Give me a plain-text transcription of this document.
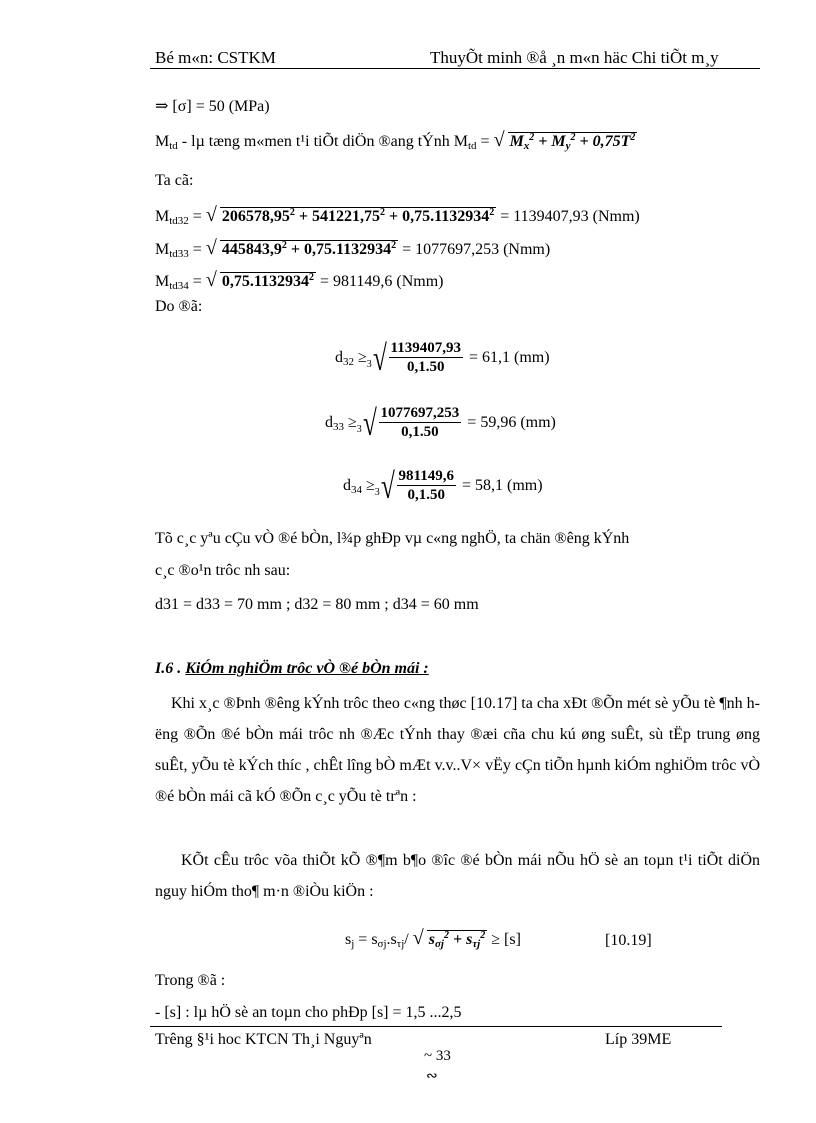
Bé m«n: CSTKM	ThuyÕt minh ®å ¸n m«n häc Chi tiÕt m¸y
⇒ [σ] = 50 (MPa)
$M_{td}$ - lµ tæng m«men t¹i tiÕt diÖn ®ang tÝnh $M_{td}$ = √ $M_x^2 + M_y^2 + 0,75T^2$
Ta cã:
$M_{td32}$ = √ $206578,95^2 + 541221,75^2 + 0,75.1132934^2 = 1139407,93$ (Nmm)
$M_{td33}$ = √ $445843,9^2 + 0,75.1132934^2 = 1077697,253$ (Nmm)
$M_{td34}$ = √ $0,75.1132934^2 = 981149,6$ (Nmm)
Do ®ã:
$d_{32} \ge 3$ √ $\frac{1139407,93}{0,1.50} = 61,1$ (mm)
$d_{33} \ge 3$ √ $\frac{1077697,253}{0,1.50} = 59,96$ (mm)
$d_{34} \ge 3$ √ $\frac{981149,6}{0,1.50} = 58,1$ (mm)
Tõ c¸c yªu cÇu vÒ ®é bÒn, l¾p ghÐp vµ c«ng nghÖ, ta chän ®êng kÝnh
c¸c ®o¹n trôc nh sau:
d31 = d33 = 70 mm ; d32 = 80 mm ; d34 = 60 mm
I.6 . KiÓm nghiÖm trôc vÒ ®é bÒn mái :
Khi x¸c ®Þnh ®êng kÝnh trôc theo c«ng thøc [10.17] ta cha xÐt ®Õn mét sè yÕu tè ¶nh hëng ®Õn ®é bÒn mái trôc nh ®Æc tÝnh thay ®æi cña chu kú øng suÊt, sù tËp trung øng suÊt, yÕu tè kÝch thíc , chÊt lîng bÒ mÆt v.v..V× vËy cÇn tiÕn hµnh kiÓm nghiÖm trôc vÒ ®é bÒn mái cã kÓ ®Õn c¸c yÕu tè trªn :
KÕt cÊu trôc võa thiÕt kÕ ®¶m b¶o ®îc ®é bÒn mái nÕu hÖ sè an toµn t¹i tiÕt diÖn nguy hiÓm tho¶ m·n ®iÒu kiÖn :
$s_j = s_{\sigma j}.s_{\tau j}/$ √ $s_{\sigma j}^2 + s_{\tau j}^2 \ge [s]$	[10.19]
Trong ®ã :
- [s] : lµ hÖ sè an toµn cho phÐp [s] = 1,5 ...2,5
Trêng §¹i hoc KTCN Th¸i Nguyªn	Líp 39ME
~ 33
∾
